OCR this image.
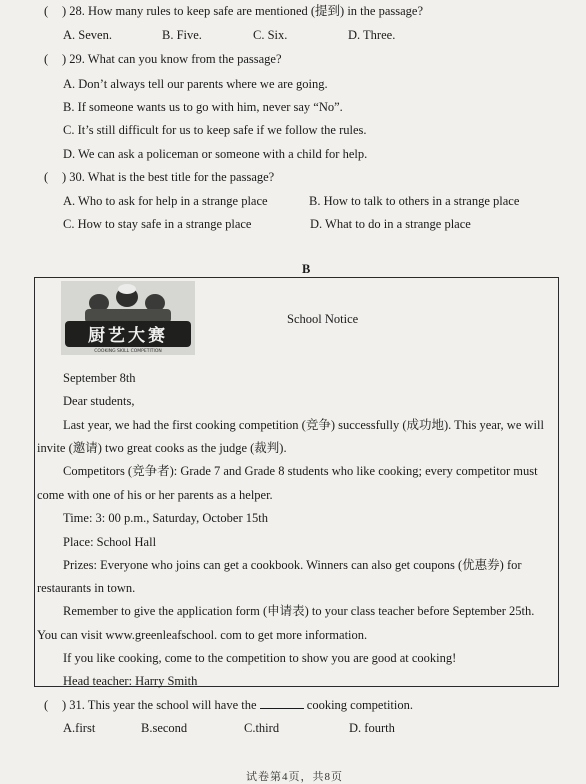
( ) 28. How many rules to keep safe are mentioned (提到) in the passage?
A. Seven.	B. Five.	C. Six.	D. Three.
( ) 29. What can you know from the passage?
A. Don’t always tell our parents where we are going.
B. If someone wants us to go with him, never say “No”.
C. It’s still difficult for us to keep safe if we follow the rules.
D. We can ask a policeman or someone with a child for help.
( ) 30. What is the best title for the passage?
A. Who to ask for help in a strange place	B. How to talk to others in a strange place
C. How to stay safe in a strange place	D. What to do in a strange place
B
厨艺大赛
COOKING SKILL COMPETITION
School Notice
September 8th
Dear students,
Last year, we had the first cooking competition (竞争) successfully (成功地). This year, we will
invite (邀请) two great cooks as the judge (裁判).
Competitors (竞争者): Grade 7 and Grade 8 students who like cooking; every competitor must
come with one of his or her parents as a helper.
Time: 3: 00 p.m., Saturday, October 15th
Place: School Hall
Prizes: Everyone who joins can get a cookbook. Winners can also get coupons (优惠券) for
restaurants in town.
Remember to give the application form (申请表) to your class teacher before September 25th.
You can visit www.greenleafschool. com to get more information.
If you like cooking, come to the competition to show you are good at cooking!
Head teacher: Harry Smith
( ) 31. This year the school will have the	cooking competition.
A.first	B.second	C.third	D. fourth
试卷第4页，共8页
